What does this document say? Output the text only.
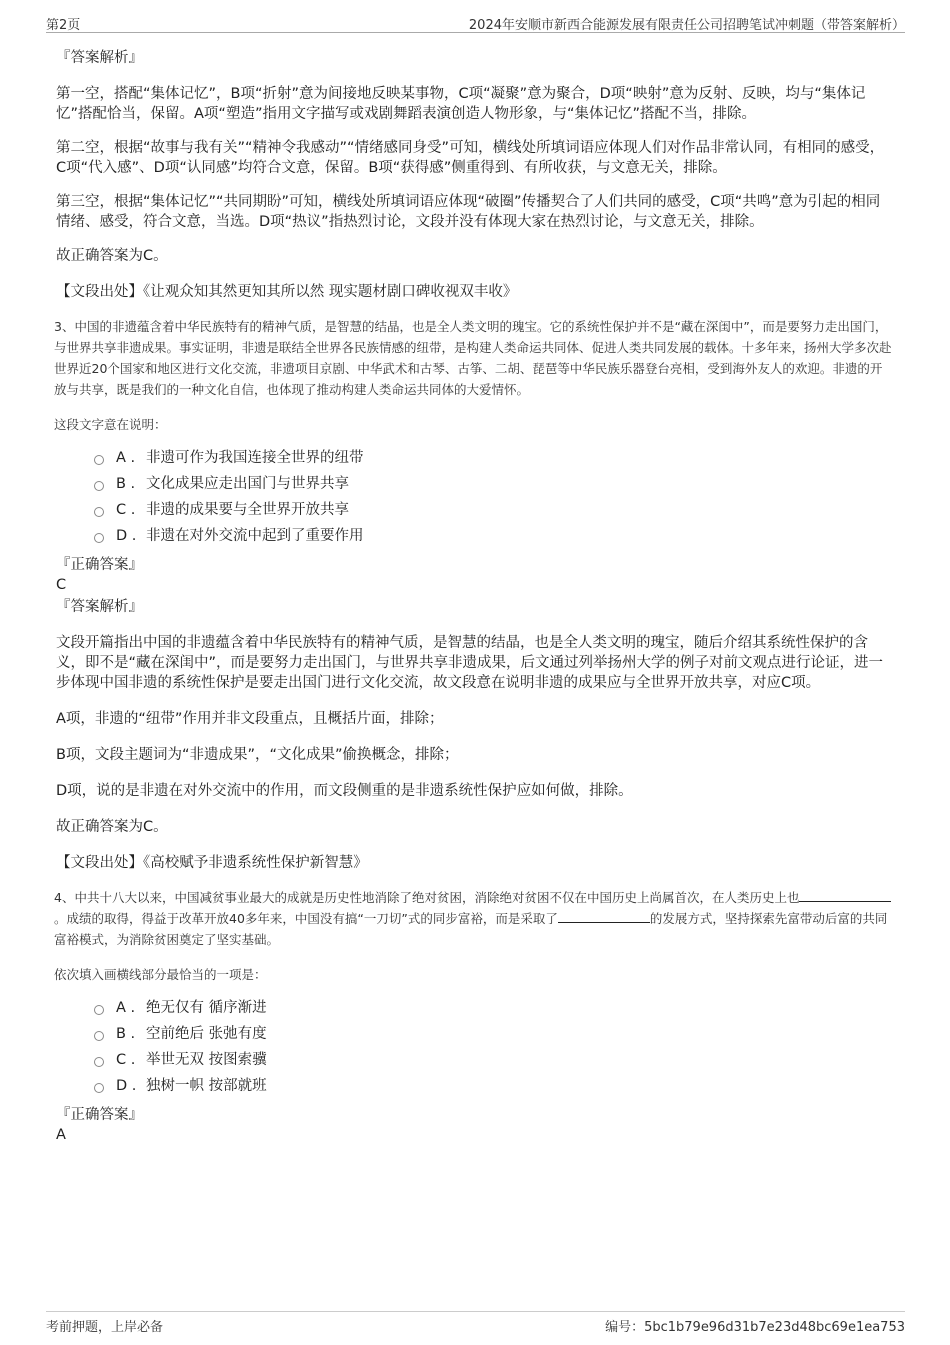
第2页	2024年安顺市新西合能源发展有限责任公司招聘笔试冲刺题（带答案解析）
『答案解析』

第一空，搭配“集体记忆”，B项“折射”意为间接地反映某事物，C项“凝聚”意为聚合，D项“映射”意为反射、反映，均与“集体记忆”搭配恰当，保留。A项“塑造”指用文字描写或戏剧舞蹈表演创造人物形象，与“集体记忆”搭配不当，排除。

第二空，根据“故事与我有关”“精神令我感动”“情绪感同身受”可知，横线处所填词语应体现人们对作品非常认同，有相同的感受，C项“代入感”、D项“认同感”均符合文意，保留。B项“获得感”侧重得到、有所收获，与文意无关，排除。

第三空，根据“集体记忆”“共同期盼”可知，横线处所填词语应体现“破圈”传播契合了人们共同的感受，C项“共鸣”意为引起的相同情绪、感受，符合文意，当选。D项“热议”指热烈讨论，文段并没有体现大家在热烈讨论，与文意无关，排除。

故正确答案为C。

【文段出处】《让观众知其然更知其所以然 现实题材剧口碑收视双丰收》

3、中国的非遗蕴含着中华民族特有的精神气质，是智慧的结晶，也是全人类文明的瑰宝。它的系统性保护并不是“藏在深闺中”，而是要努力走出国门，与世界共享非遗成果。事实证明，非遗是联结全世界各民族情感的纽带，是构建人类命运共同体、促进人类共同发展的载体。十多年来，扬州大学多次赴世界近20个国家和地区进行文化交流，非遗项目京剧、中华武术和古琴、古筝、二胡、琵琶等中华民族乐器登台亮相，受到海外友人的欢迎。非遗的开放与共享，既是我们的一种文化自信，也体现了推动构建人类命运共同体的大爱情怀。

这段文字意在说明：

A . 非遗可作为我国连接全世界的纽带
B . 文化成果应走出国门与世界共享
C . 非遗的成果要与全世界开放共享
D . 非遗在对外交流中起到了重要作用
『正确答案』
C
『答案解析』

文段开篇指出中国的非遗蕴含着中华民族特有的精神气质，是智慧的结晶，也是全人类文明的瑰宝，随后介绍其系统性保护的含义，即不是“藏在深闺中”，而是要努力走出国门，与世界共享非遗成果，后文通过列举扬州大学的例子对前文观点进行论证，进一步体现中国非遗的系统性保护是要走出国门进行文化交流，故文段意在说明非遗的成果应与全世界开放共享，对应C项。

A项，非遗的“纽带”作用并非文段重点，且概括片面，排除；

B项，文段主题词为“非遗成果”，“文化成果”偷换概念，排除；

D项，说的是非遗在对外交流中的作用，而文段侧重的是非遗系统性保护应如何做，排除。

故正确答案为C。

【文段出处】《高校赋予非遗系统性保护新智慧》

4、中共十八大以来，中国减贫事业最大的成就是历史性地消除了绝对贫困，消除绝对贫困不仅在中国历史上尚属首次，在人类历史上也。成绩的取得，得益于改革开放40多年来，中国没有搞“一刀切”式的同步富裕，而是采取了	的发展方式，坚持探索先富带动后富的共同富裕模式，为消除贫困奠定了坚实基础。

依次填入画横线部分最恰当的一项是：

A . 绝无仅有 循序渐进
B . 空前绝后 张弛有度
C . 举世无双 按图索骥
D . 独树一帜 按部就班
『正确答案』
A
考前押题，上岸必备	编号：5bc1b79e96d31b7e23d48bc69e1ea753
